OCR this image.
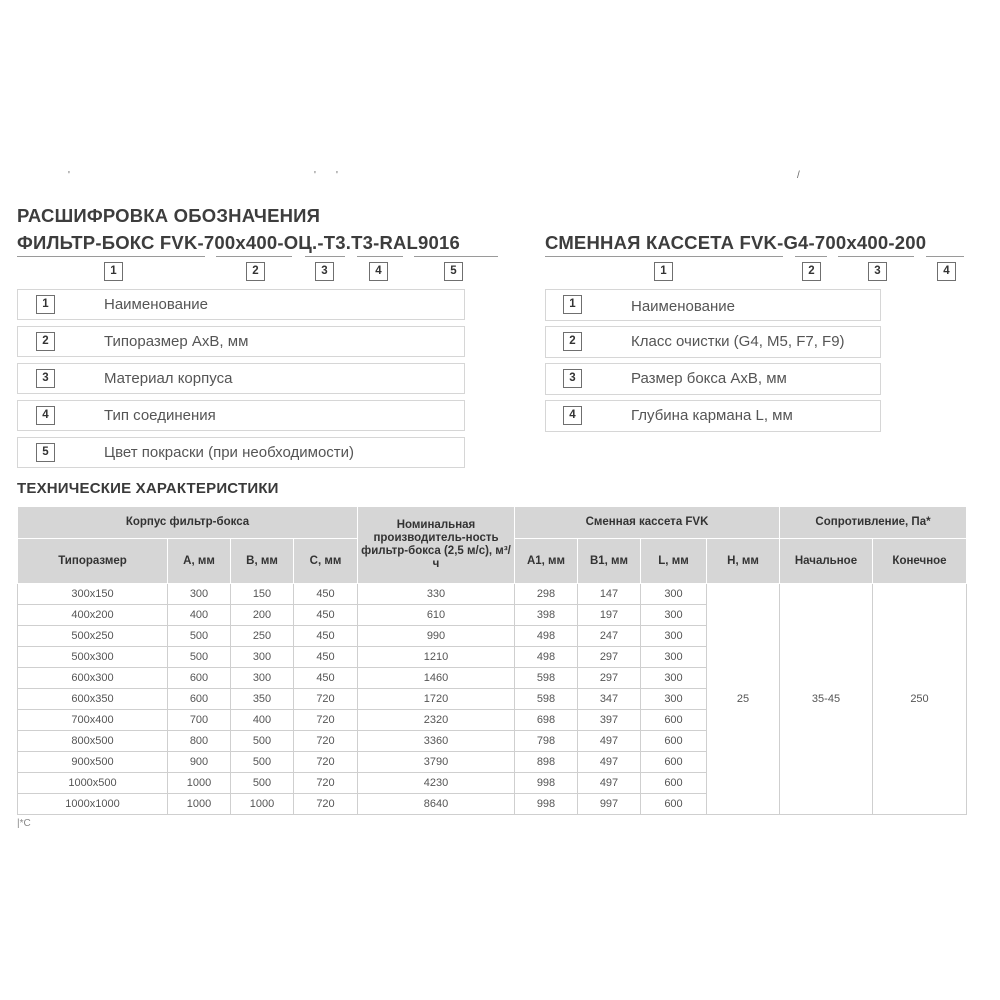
'	' '	/
РАСШИФРОВКА ОБОЗНАЧЕНИЯ
ФИЛЬТР-БОКС FVK-700x400-ОЦ.-Т3.Т3-RAL9016
1	2	3	4	5
1	Наименование
2	Типоразмер АхВ, мм
3	Материал корпуса
4	Тип соединения
5	Цвет покраски (при необходимости)
СМЕННАЯ КАССЕТА FVK-G4-700x400-200
1	2	3	4
1	Наименование
2	Класс очистки (G4, M5, F7, F9)
3	Размер бокса АхВ, мм
4	Глубина кармана L, мм
ТЕХНИЧЕСКИЕ ХАРАКТЕРИСТИКИ
Корпус фильтр-бокса				Номинальная производитель-ность фильтр-бокса (2,5 м/с), м³/ч	Сменная кассета FVK				Сопротивление, Па*	
Типоразмер	А, мм	В, мм	С, мм		А1, мм	В1, мм	L, мм	Н, мм	Начальное	Конечное
300x150	300	150	450	330	298	147	300	25	35-45	250
400x200	400	200	450	610	398	197	300			
500x250	500	250	450	990	498	247	300			
500x300	500	300	450	1210	498	297	300			
600x300	600	300	450	1460	598	297	300			
600x350	600	350	720	1720	598	347	300			
700x400	700	400	720	2320	698	397	600			
800x500	800	500	720	3360	798	497	600			
900x500	900	500	720	3790	898	497	600			
1000x500	1000	500	720	4230	998	497	600			
1000x1000	1000	1000	720	8640	998	997	600			
|*С
